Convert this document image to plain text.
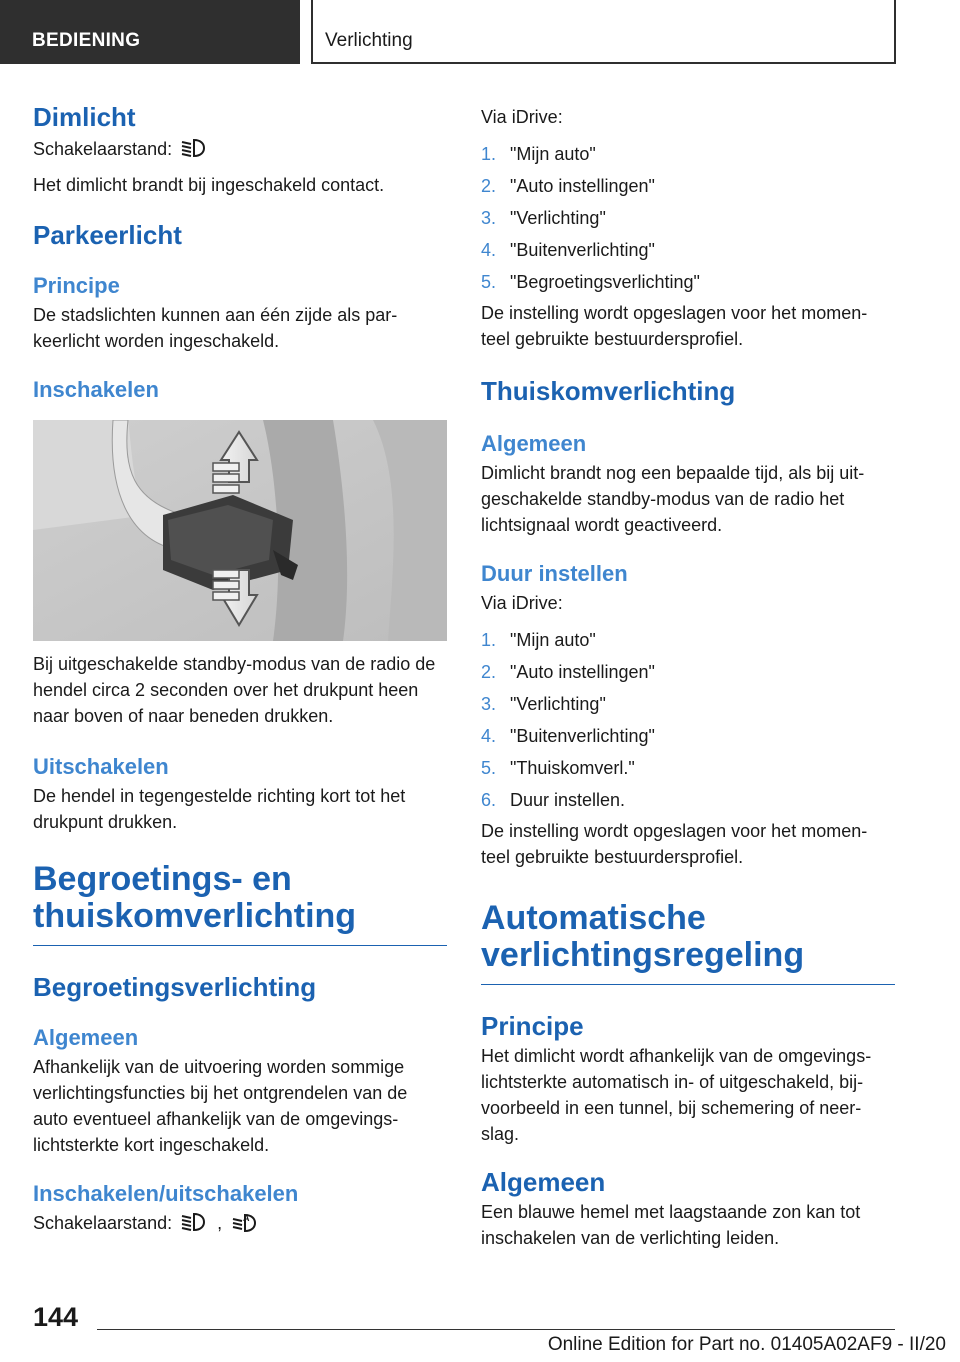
BEDIENING	Verlichting
Dimlicht
Schakelaarstand:
Het dimlicht brandt bij ingeschakeld contact.
Parkeerlicht
Principe
De stadslichten kunnen aan één zijde als par-keerlicht worden ingeschakeld.
Inschakelen
Bij uitgeschakelde standby-modus van de radio de hendel circa 2 seconden over het drukpunt heen naar boven of naar beneden drukken.
Uitschakelen
De hendel in tegengestelde richting kort tot het drukpunt drukken.
Begroetings- en
thuiskomverlichting
Begroetingsverlichting
Algemeen
Afhankelijk van de uitvoering worden sommige verlichtingsfuncties bij het ontgrendelen van de auto eventueel afhankelijk van de omgevings-lichtsterkte kort ingeschakeld.
Inschakelen/uitschakelen
Schakelaarstand:	, A
Via iDrive:
1. "Mijn auto"
2. "Auto instellingen"
3. "Verlichting"
4. "Buitenverlichting"
5. "Begroetingsverlichting"
De instelling wordt opgeslagen voor het momen-teel gebruikte bestuurdersprofiel.
Thuiskomverlichting
Algemeen
Dimlicht brandt nog een bepaalde tijd, als bij uit-geschakelde standby-modus van de radio het lichtsignaal wordt geactiveerd.
Duur instellen
Via iDrive:
1. "Mijn auto"
2. "Auto instellingen"
3. "Verlichting"
4. "Buitenverlichting"
5. "Thuiskomverl."
6. Duur instellen.
De instelling wordt opgeslagen voor het momen-teel gebruikte bestuurdersprofiel.
Automatische
verlichtingsregeling
Principe
Het dimlicht wordt afhankelijk van de omgevings-lichtsterkte automatisch in- of uitgeschakeld, bij-voorbeeld in een tunnel, bij schemering of neer-slag.
Algemeen
Een blauwe hemel met laagstaande zon kan tot inschakelen van de verlichting leiden.
144
Online Edition for Part no. 01405A02AF9 - II/20
